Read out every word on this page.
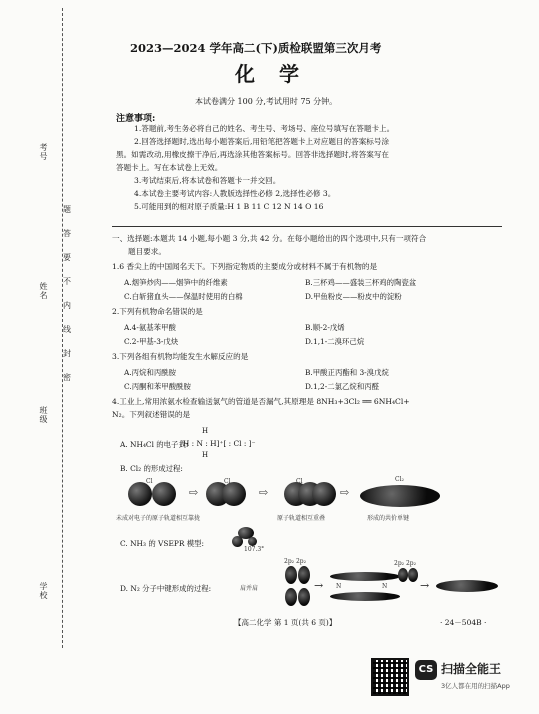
考号
姓名
班级
学校
题
答
要
不
内
线
封
密
2023—2024 学年高二(下)质检联盟第三次月考
化学
本试卷满分 100 分,考试用时 75 分钟。
注意事项:
1.答题前,考生务必将自己的姓名、考生号、考场号、座位号填写在答题卡上。
2.回答选择题时,选出每小题答案后,用铅笔把答题卡上对应题目的答案标号涂
黑。如需改动,用橡皮擦干净后,再选涂其他答案标号。回答非选择题时,将答案写在
答题卡上。写在本试卷上无效。
3.考试结束后,将本试卷和答题卡一并交回。
4.本试卷主要考试内容:人教版选择性必修 2,选择性必修 3。
5.可能用到的相对原子质量:H 1 B 11 C 12 N 14 O 16
一、选择题:本题共 14 小题,每小题 3 分,共 42 分。在每小题给出的四个选项中,只有一项符合
题目要求。
1.6 香尖上的中国闻名天下。下列指定物质的主要成分或材料不属于有机物的是
A.烟笋炒肉——烟笋中的纤维素	B.三杯鸡——盛装三杯鸡的陶瓷盆
C.白斩猪血头——保温时使用的白棉	D.甲鱼粉皮——粉皮中的淀粉
2.下列有机物命名错误的是
A.4-氨基苯甲酸	B.顺-2-戊烯
C.2-甲基-3-戊炔	D.1,1-二溴环己烷
3.下列各组有机物均能发生水解反应的是
A.丙烷和丙酰胺	B.甲酸正丙酯和 3-溴戊烷
C.丙酮和苯甲酸酰胺	D.1,2-二氯乙烷和丙醛
4.工业上,常用浓氨水检查输送氯气的管道是否漏气,其原理是 8NH₃+3Cl₂ ══ 6NH₄Cl+
N₂。下列叙述错误的是
A. NH₄Cl 的电子式:
H
[H : N : H]⁺[ : Cl : ]⁻
H
B. Cl₂ 的形成过程:
Cl
⇨
Cl
⇨
Cl
⇨
Cl₂
未成对电子的原子轨道相互靠拢	原子轨道相互重叠	形成的共价单键
C. NH₃ 的 VSEPR 模型:
107.3°
D. N₂ 分子中键形成的过程:
2p₂ 2p₂
肩并肩	→ N	N
2p₂ 2p₂
→
【高二化学 第 1 页(共 6 页)】	· 24－504B ·
CS 扫描全能王
3亿人都在用的扫描App
